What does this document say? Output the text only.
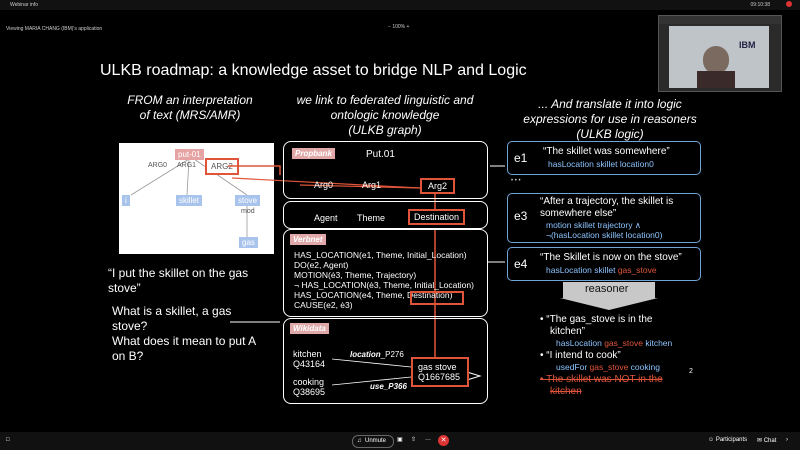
Webinar info	09:10:38
Viewing MARIA CHANG (IBM)'s application	− 100% +
IBM
ULKB roadmap: a knowledge asset to bridge NLP and Logic
FROM an interpretation
of text (MRS/AMR)
we link to federated linguistic and
ontologic knowledge
(ULKB graph)
... And translate it into logic
expressions for use in reasoners
(ULKB logic)
put-01
ARG0 ARG1	ARG2
i	skillet	stove
mod
gas
“I put the skillet on the gas
stove”
What is a skillet, a gas
stove?
What does it mean to put A
on B?
Propbank	Put.01
Arg0	Arg1	Arg2
Agent Theme	Destination
Verbnet
HAS_LOCATION(e1, Theme, Initial_Location)
DO(e2, Agent)
MOTION(ė3, Theme, Trajectory)
¬ HAS_LOCATION(ė3, Theme, Initial_Location)
HAS_LOCATION(e4, Theme, Destination)
CAUSE(e2, ė3)
Wikidata
kitchen
Q43164
cooking
Q38695
location_P276
use_P366
gas stove
Q1667685
e1 “The skillet was somewhere”
hasLocation skillet location0
• • •
e3
“After a trajectory, the skillet is
somewhere else”
motion skillet trajectory ∧
¬(hasLocation skillet location0)
e4 “The Skillet is now on the stove”
hasLocation skillet gas_stove
reasoner
• “The gas_stove is in the
kitchen”
hasLocation gas_stove kitchen
• “I intend to cook”
usedFor gas_stove cooking
• The skillet was NOT in the
kitchen
2
□	♫ Unmute ▣ ⇧ …	✕	☺ Participants ✉ Chat ›
